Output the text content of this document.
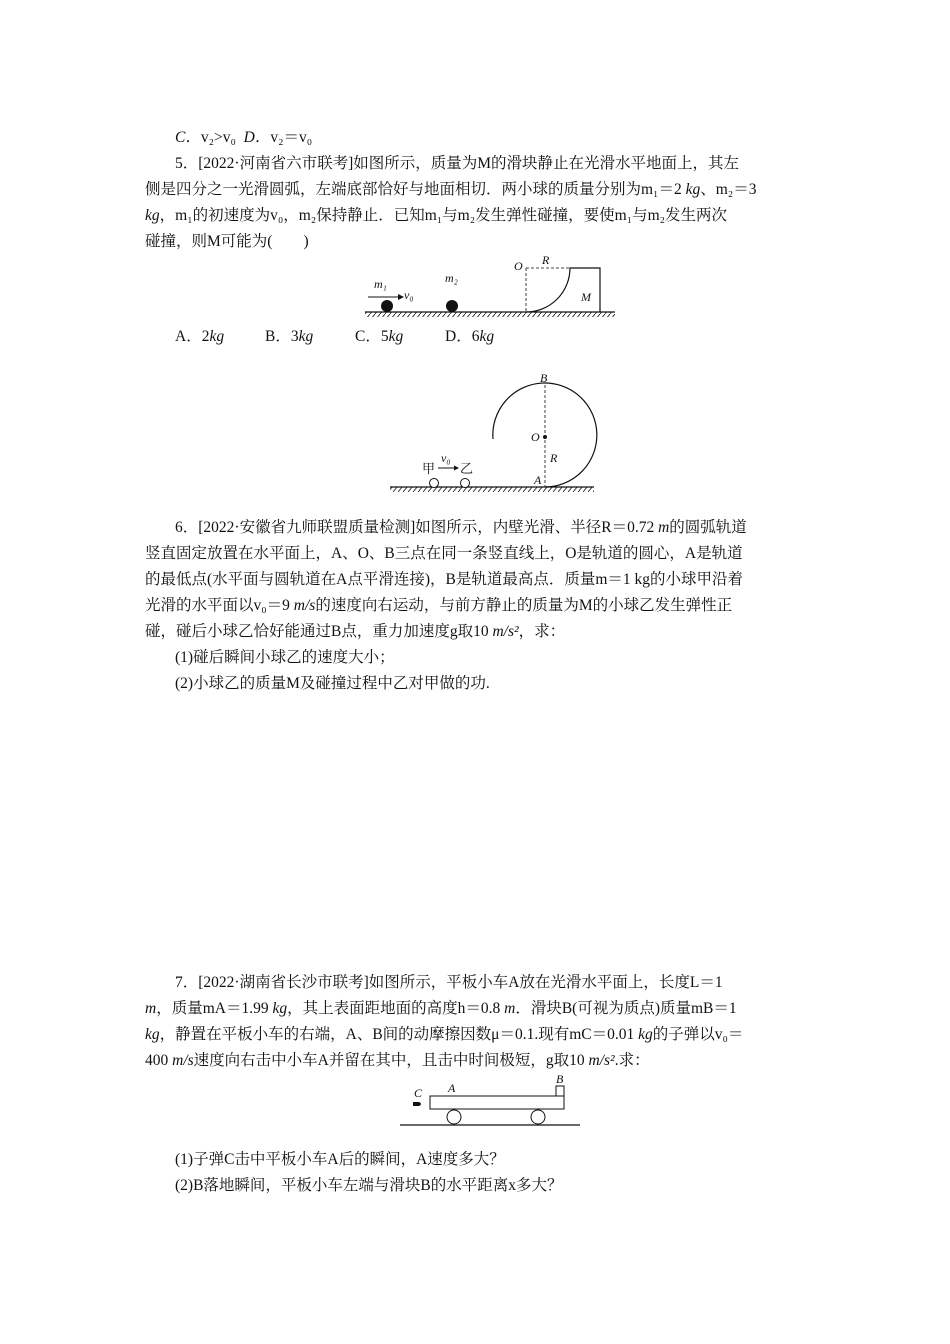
C．v₂>v₀ D．v₂＝v₀
5．[2022·河南省六市联考]如图所示，质量为M的滑块静止在光滑水平地面上，其左
侧是四分之一光滑圆弧，左端底部恰好与地面相切．两小球的质量分别为m₁＝2 kg、m₂＝3
kg，m₁的初速度为v₀，m₂保持静止．已知m₁与m₂发生弹性碰撞，要使m₁与m₂发生两次
碰撞，则M可能为(　　)
m₁	m₂
v₀
O R
M
A．2kg	B．3kg	C．5kg	D．6kg
B
O
R
A
甲 乙
v₀
6．[2022·安徽省九师联盟质量检测]如图所示，内壁光滑、半径R＝0.72 m的圆弧轨道
竖直固定放置在水平面上，A、O、B三点在同一条竖直线上，O是轨道的圆心，A是轨道
的最低点(水平面与圆轨道在A点平滑连接)，B是轨道最高点．质量m＝1 kg的小球甲沿着
光滑的水平面以v₀＝9 m/s的速度向右运动，与前方静止的质量为M的小球乙发生弹性正
碰，碰后小球乙恰好能通过B点，重力加速度g取10 m/s²，求：
(1)碰后瞬间小球乙的速度大小；
(2)小球乙的质量M及碰撞过程中乙对甲做的功.
7．[2022·湖南省长沙市联考]如图所示，平板小车A放在光滑水平面上，长度L＝1
m，质量mA＝1.99 kg，其上表面距地面的高度h＝0.8 m．滑块B(可视为质点)质量mB＝1
kg，静置在平板小车的右端，A、B间的动摩擦因数μ＝0.1.现有mC＝0.01 kg的子弹以v₀＝
400 m/s速度向右击中小车A并留在其中，且击中时间极短，g取10 m/s².求：
C A
B
(1)子弹C击中平板小车A后的瞬间，A速度多大？
(2)B落地瞬间，平板小车左端与滑块B的水平距离x多大？
